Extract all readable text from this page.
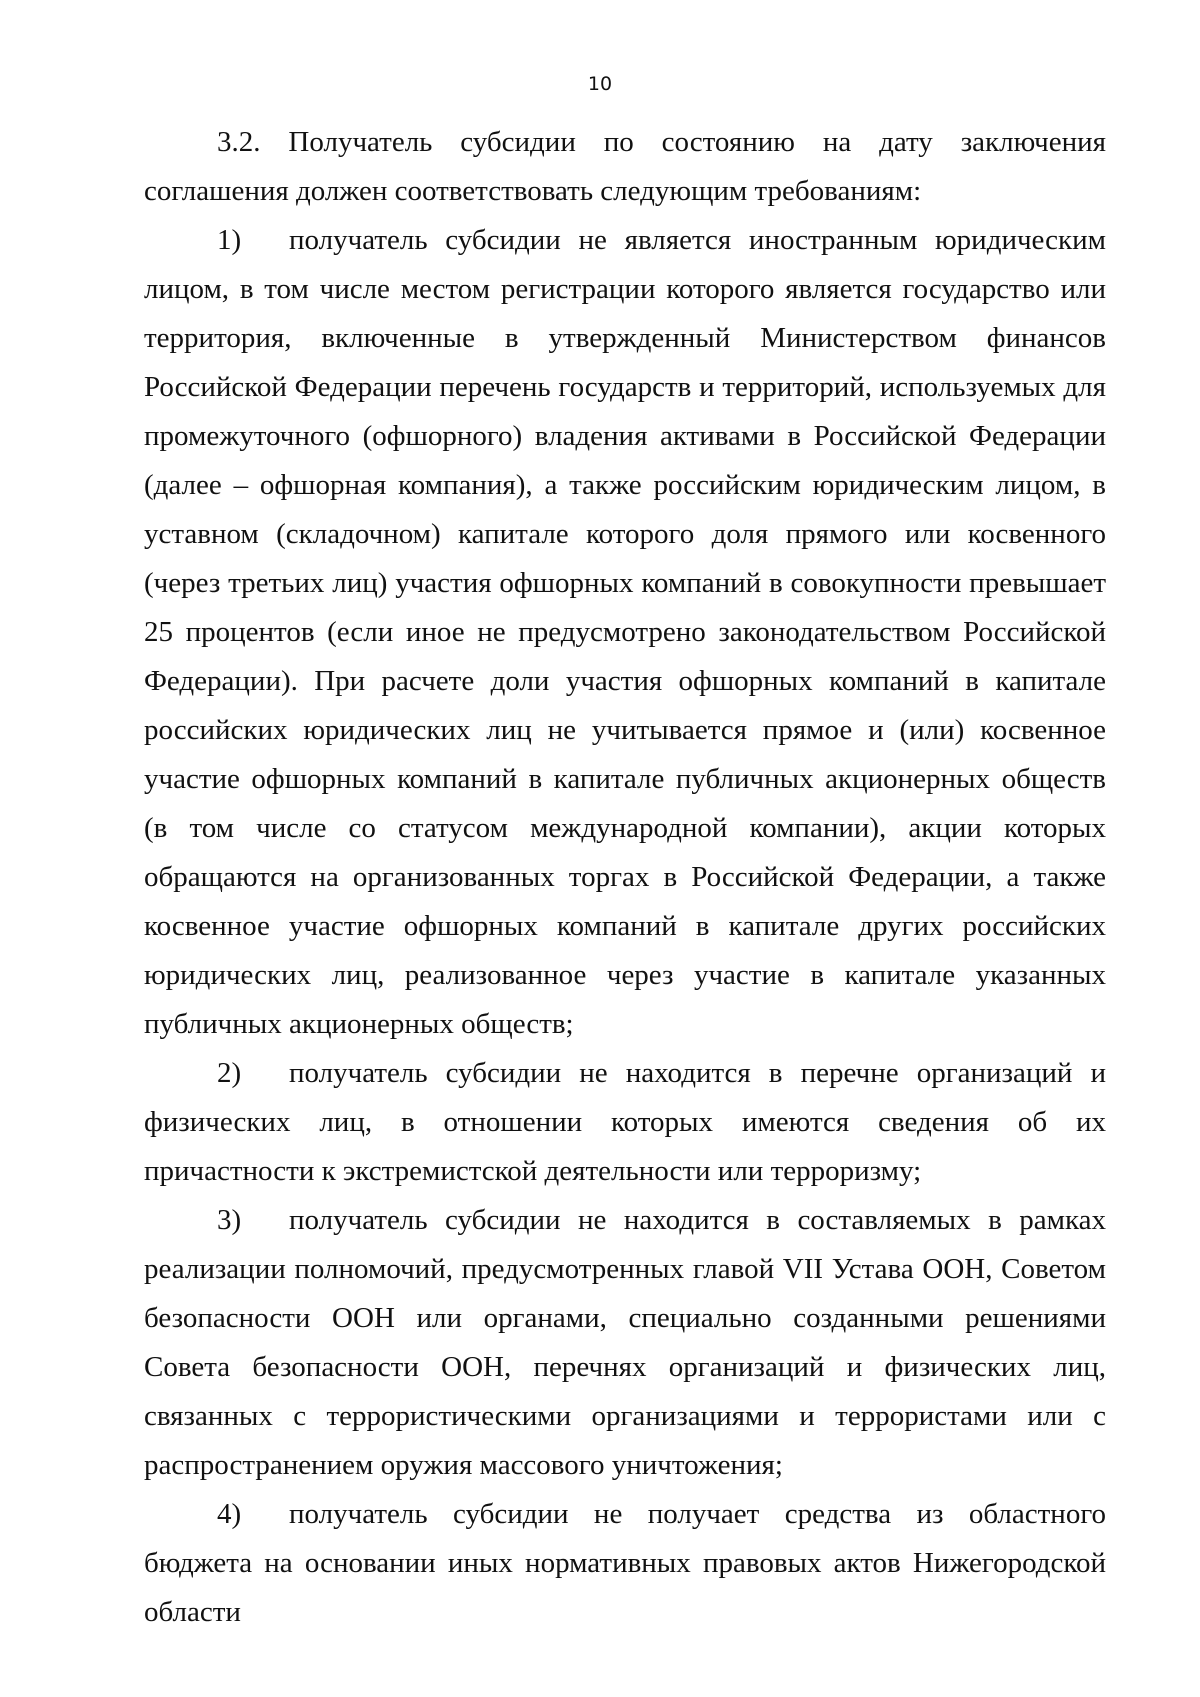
10

3.2. Получатель субсидии по состоянию на дату заключения соглашения должен соответствовать следующим требованиям:

1) получатель субсидии не является иностранным юридическим лицом, в том числе местом регистрации которого является государство или территория, включенные в утвержденный Министерством финансов Российской Федерации перечень государств и территорий, используемых для промежуточного (офшорного) владения активами в Российской Федерации (далее – офшорная компания), а также российским юридическим лицом, в уставном (складочном) капитале которого доля прямого или косвенного (через третьих лиц) участия офшорных компаний в совокупности превышает 25 процентов (если иное не предусмотрено законодательством Российской Федерации). При расчете доли участия офшорных компаний в капитале российских юридических лиц не учитывается прямое и (или) косвенное участие офшорных компаний в капитале публичных акционерных обществ (в том числе со статусом международной компании), акции которых обращаются на организованных торгах в Российской Федерации, а также косвенное участие офшорных компаний в капитале других российских юридических лиц, реализованное через участие в капитале указанных публичных акционерных обществ;

2) получатель субсидии не находится в перечне организаций и физических лиц, в отношении которых имеются сведения об их причастности к экстремистской деятельности или терроризму;

3) получатель субсидии не находится в составляемых в рамках реализации полномочий, предусмотренных главой VII Устава ООН, Советом безопасности ООН или органами, специально созданными решениями Совета безопасности ООН, перечнях организаций и физических лиц, связанных с террористическими организациями и террористами или с распространением оружия массового уничтожения;

4) получатель субсидии не получает средства из областного бюджета на основании иных нормативных правовых актов Нижегородской области
